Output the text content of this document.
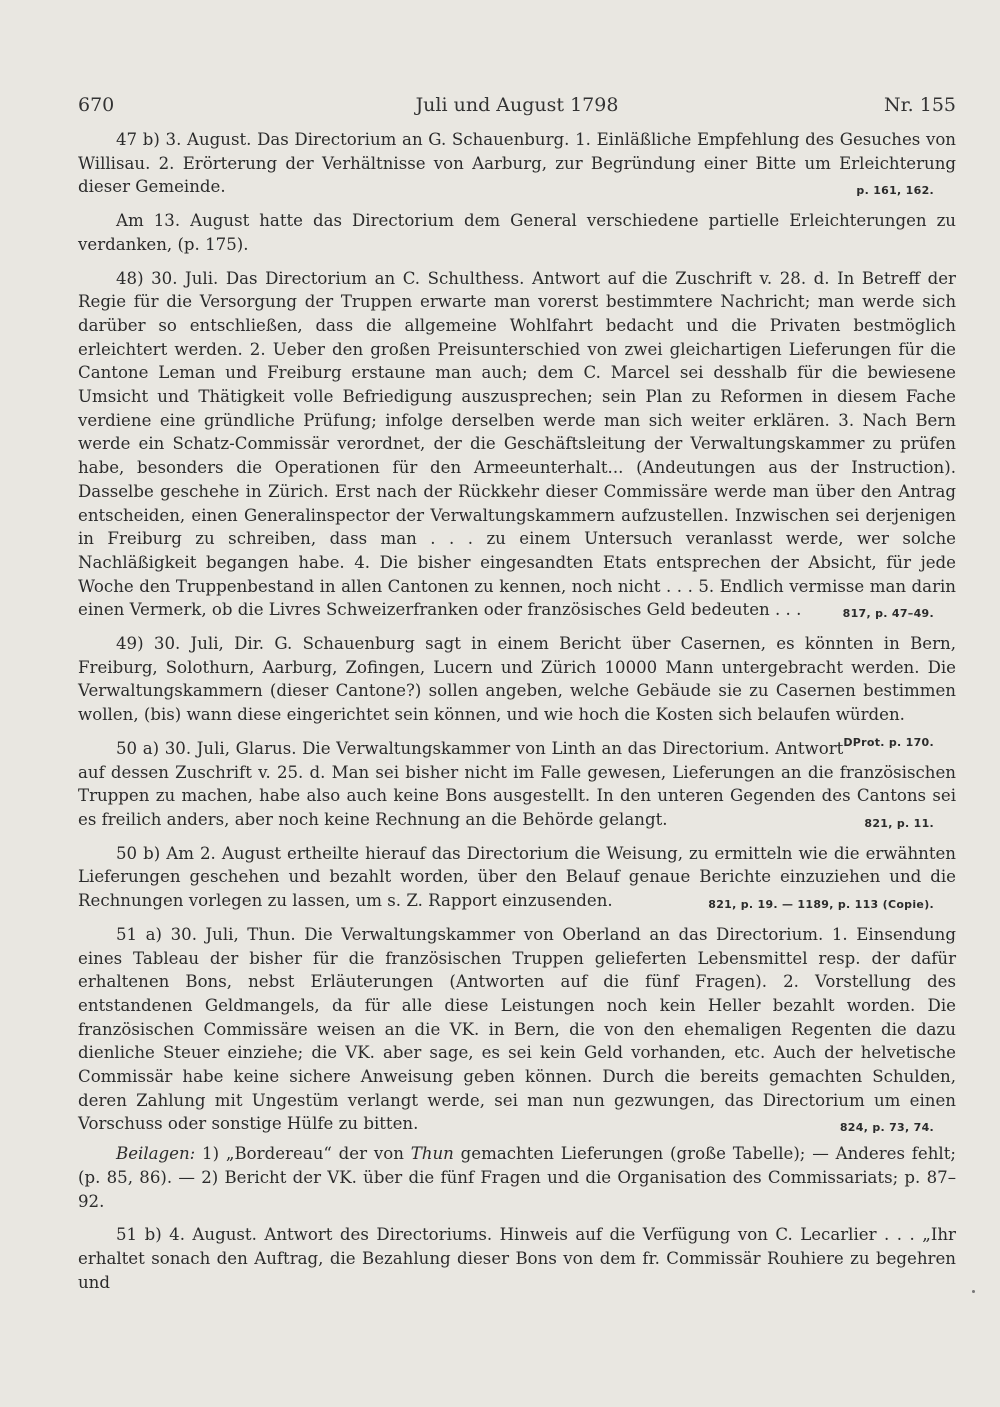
670	Juli und August 1798	Nr. 155

47 b) 3. August. Das Directorium an G. Schauenburg. 1. Einläßliche Empfehlung des Gesuches von Willisau. 2. Erörterung der Verhältnisse von Aarburg, zur Begründung einer Bitte um Erleichterung dieser Gemeinde.	p. 161, 162.

Am 13. August hatte das Directorium dem General verschiedene partielle Erleichterungen zu verdanken, (p. 175).

48) 30. Juli. Das Directorium an C. Schulthess. Antwort auf die Zuschrift v. 28. d. In Betreff der Regie für die Versorgung der Truppen erwarte man vorerst bestimmtere Nachricht; man werde sich darüber so entschließen, dass die allgemeine Wohlfahrt bedacht und die Privaten bestmöglich erleichtert werden. 2. Ueber den großen Preisunterschied von zwei gleichartigen Lieferungen für die Cantone Leman und Freiburg erstaune man auch; dem C. Marcel sei desshalb für die bewiesene Umsicht und Thätigkeit volle Befriedigung auszusprechen; sein Plan zu Reformen in diesem Fache verdiene eine gründliche Prüfung; infolge derselben werde man sich weiter erklären. 3. Nach Bern werde ein Schatz-Commissär verordnet, der die Geschäftsleitung der Verwaltungskammer zu prüfen habe, besonders die Operationen für den Armeeunterhalt... (Andeutungen aus der Instruction). Dasselbe geschehe in Zürich. Erst nach der Rückkehr dieser Commissäre werde man über den Antrag entscheiden, einen Generalinspector der Verwaltungskammern aufzustellen. Inzwischen sei derjenigen in Freiburg zu schreiben, dass man . . . zu einem Untersuch veranlasst werde, wer solche Nachläßigkeit begangen habe. 4. Die bisher eingesandten Etats entsprechen der Absicht, für jede Woche den Truppenbestand in allen Cantonen zu kennen, noch nicht . . . 5. Endlich vermisse man darin einen Vermerk, ob die Livres Schweizerfranken oder französisches Geld bedeuten . . .	817, p. 47–49.

49) 30. Juli, Dir. G. Schauenburg sagt in einem Bericht über Casernen, es könnten in Bern, Freiburg, Solothurn, Aarburg, Zofingen, Lucern und Zürich 10000 Mann untergebracht werden. Die Verwaltungskammern (dieser Cantone?) sollen angeben, welche Gebäude sie zu Casernen bestimmen wollen, (bis) wann diese eingerichtet sein können, und wie hoch die Kosten sich belaufen würden.
DProt. p. 170.

50 a) 30. Juli, Glarus. Die Verwaltungskammer von Linth an das Directorium. Antwort auf dessen Zuschrift v. 25. d. Man sei bisher nicht im Falle gewesen, Lieferungen an die französischen Truppen zu machen, habe also auch keine Bons ausgestellt. In den unteren Gegenden des Cantons sei es freilich anders, aber noch keine Rechnung an die Behörde gelangt.	821, p. 11.

50 b) Am 2. August ertheilte hierauf das Directorium die Weisung, zu ermitteln wie die erwähnten Lieferungen geschehen und bezahlt worden, über den Belauf genaue Berichte einzuziehen und die Rechnungen vorlegen zu lassen, um s. Z. Rapport einzusenden.	821, p. 19. — 1189, p. 113 (Copie).

51 a) 30. Juli, Thun. Die Verwaltungskammer von Oberland an das Directorium. 1. Einsendung eines Tableau der bisher für die französischen Truppen gelieferten Lebensmittel resp. der dafür erhaltenen Bons, nebst Erläuterungen (Antworten auf die fünf Fragen). 2. Vorstellung des entstandenen Geldmangels, da für alle diese Leistungen noch kein Heller bezahlt worden. Die französischen Commissäre weisen an die VK. in Bern, die von den ehemaligen Regenten die dazu dienliche Steuer einziehe; die VK. aber sage, es sei kein Geld vorhanden, etc. Auch der helvetische Commissär habe keine sichere Anweisung geben können. Durch die bereits gemachten Schulden, deren Zahlung mit Ungestüm verlangt werde, sei man nun gezwungen, das Directorium um einen Vorschuss oder sonstige Hülfe zu bitten.	824, p. 73, 74.

Beilagen: 1) „Bordereau“ der von Thun gemachten Lieferungen (große Tabelle); — Anderes fehlt; (p. 85, 86). — 2) Bericht der VK. über die fünf Fragen und die Organisation des Commissariats; p. 87–92.

51 b) 4. August. Antwort des Directoriums. Hinweis auf die Verfügung von C. Lecarlier . . . „Ihr erhaltet sonach den Auftrag, die Bezahlung dieser Bons von dem fr. Commissär Rouhiere zu begehren und
